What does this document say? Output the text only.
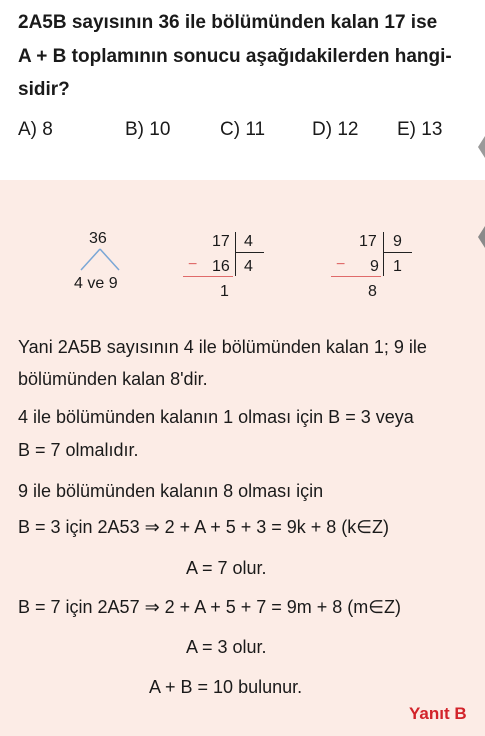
2A5B sayısının 36 ile bölümünden kalan 17 ise
A + B toplamının sonucu aşağıdakilerden hangi-
sidir?
A) 8	B) 10	C) 11 D) 12 E) 13
36
4 ve 9
17 4
− 16 4
1
17 9
− 9 1
8
Yani 2A5B sayısının 4 ile bölümünden kalan 1; 9 ile
bölümünden kalan 8'dir.
4 ile bölümünden kalanın 1 olması için B = 3 veya
B = 7 olmalıdır.
9 ile bölümünden kalanın 8 olması için
B = 3 için 2A53 ⇒ 2 + A + 5 + 3 = 9k + 8 (k∈Z)
A = 7 olur.
B = 7 için 2A57 ⇒ 2 + A + 5 + 7 = 9m + 8 (m∈Z)
A = 3 olur.
A + B = 10 bulunur.
Yanıt B
